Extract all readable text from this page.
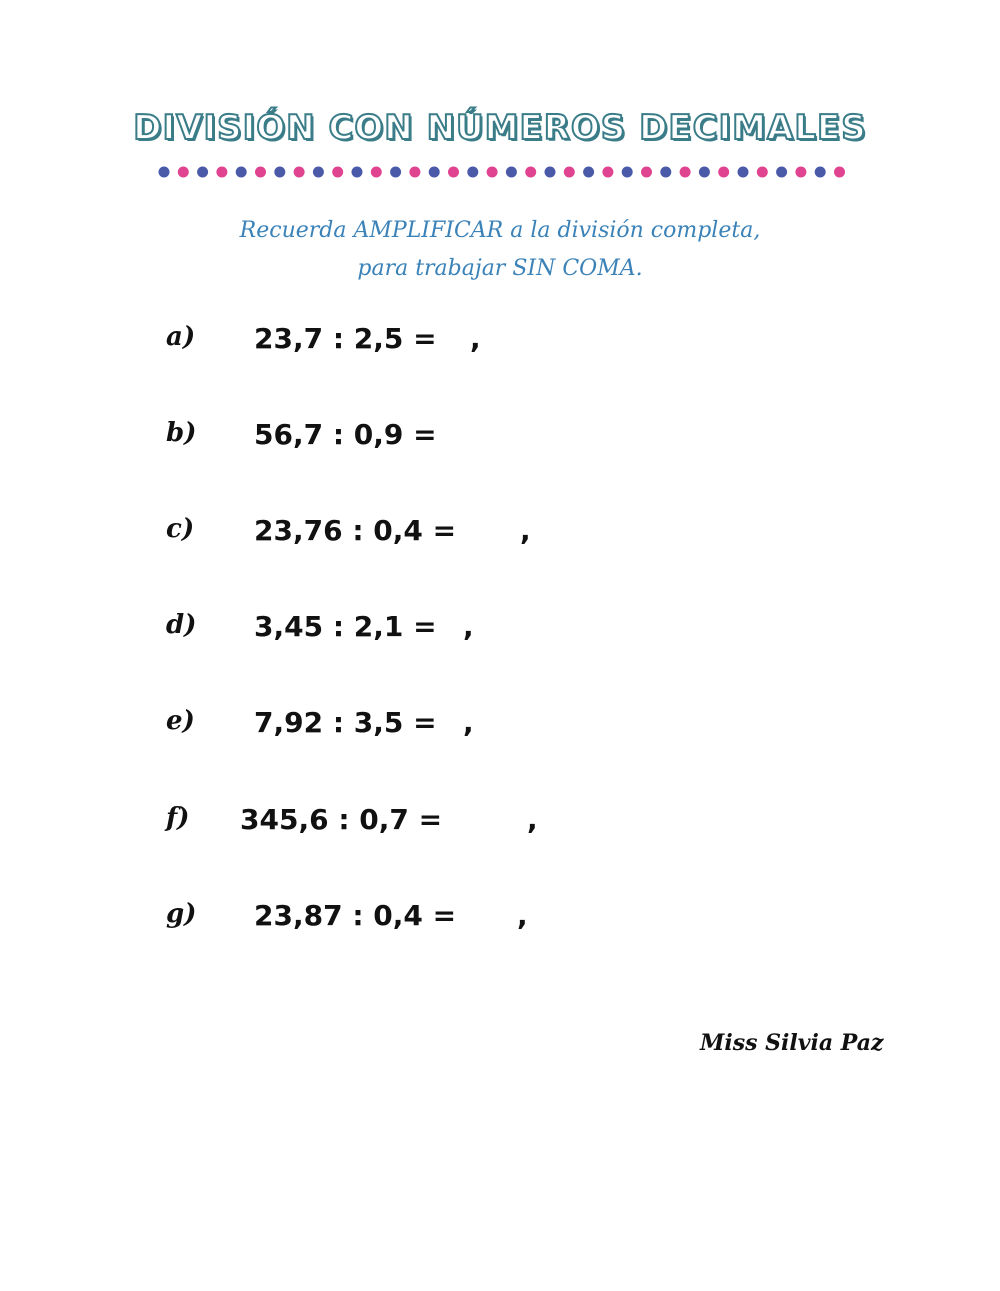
DIVISIÓN CON NÚMEROS DECIMALES
Recuerda AMPLIFICAR a la división completa,
para trabajar SIN COMA.
a) 23,7 : 2,5 = ,
b) 56,7 : 0,9 =
c) 23,76 : 0,4 = ,
d) 3,45 : 2,1 = ,
e) 7,92 : 3,5 = ,
f) 345,6 : 0,7 =	,
g) 23,87 : 0,4 = ,
Miss Silvia Paz
